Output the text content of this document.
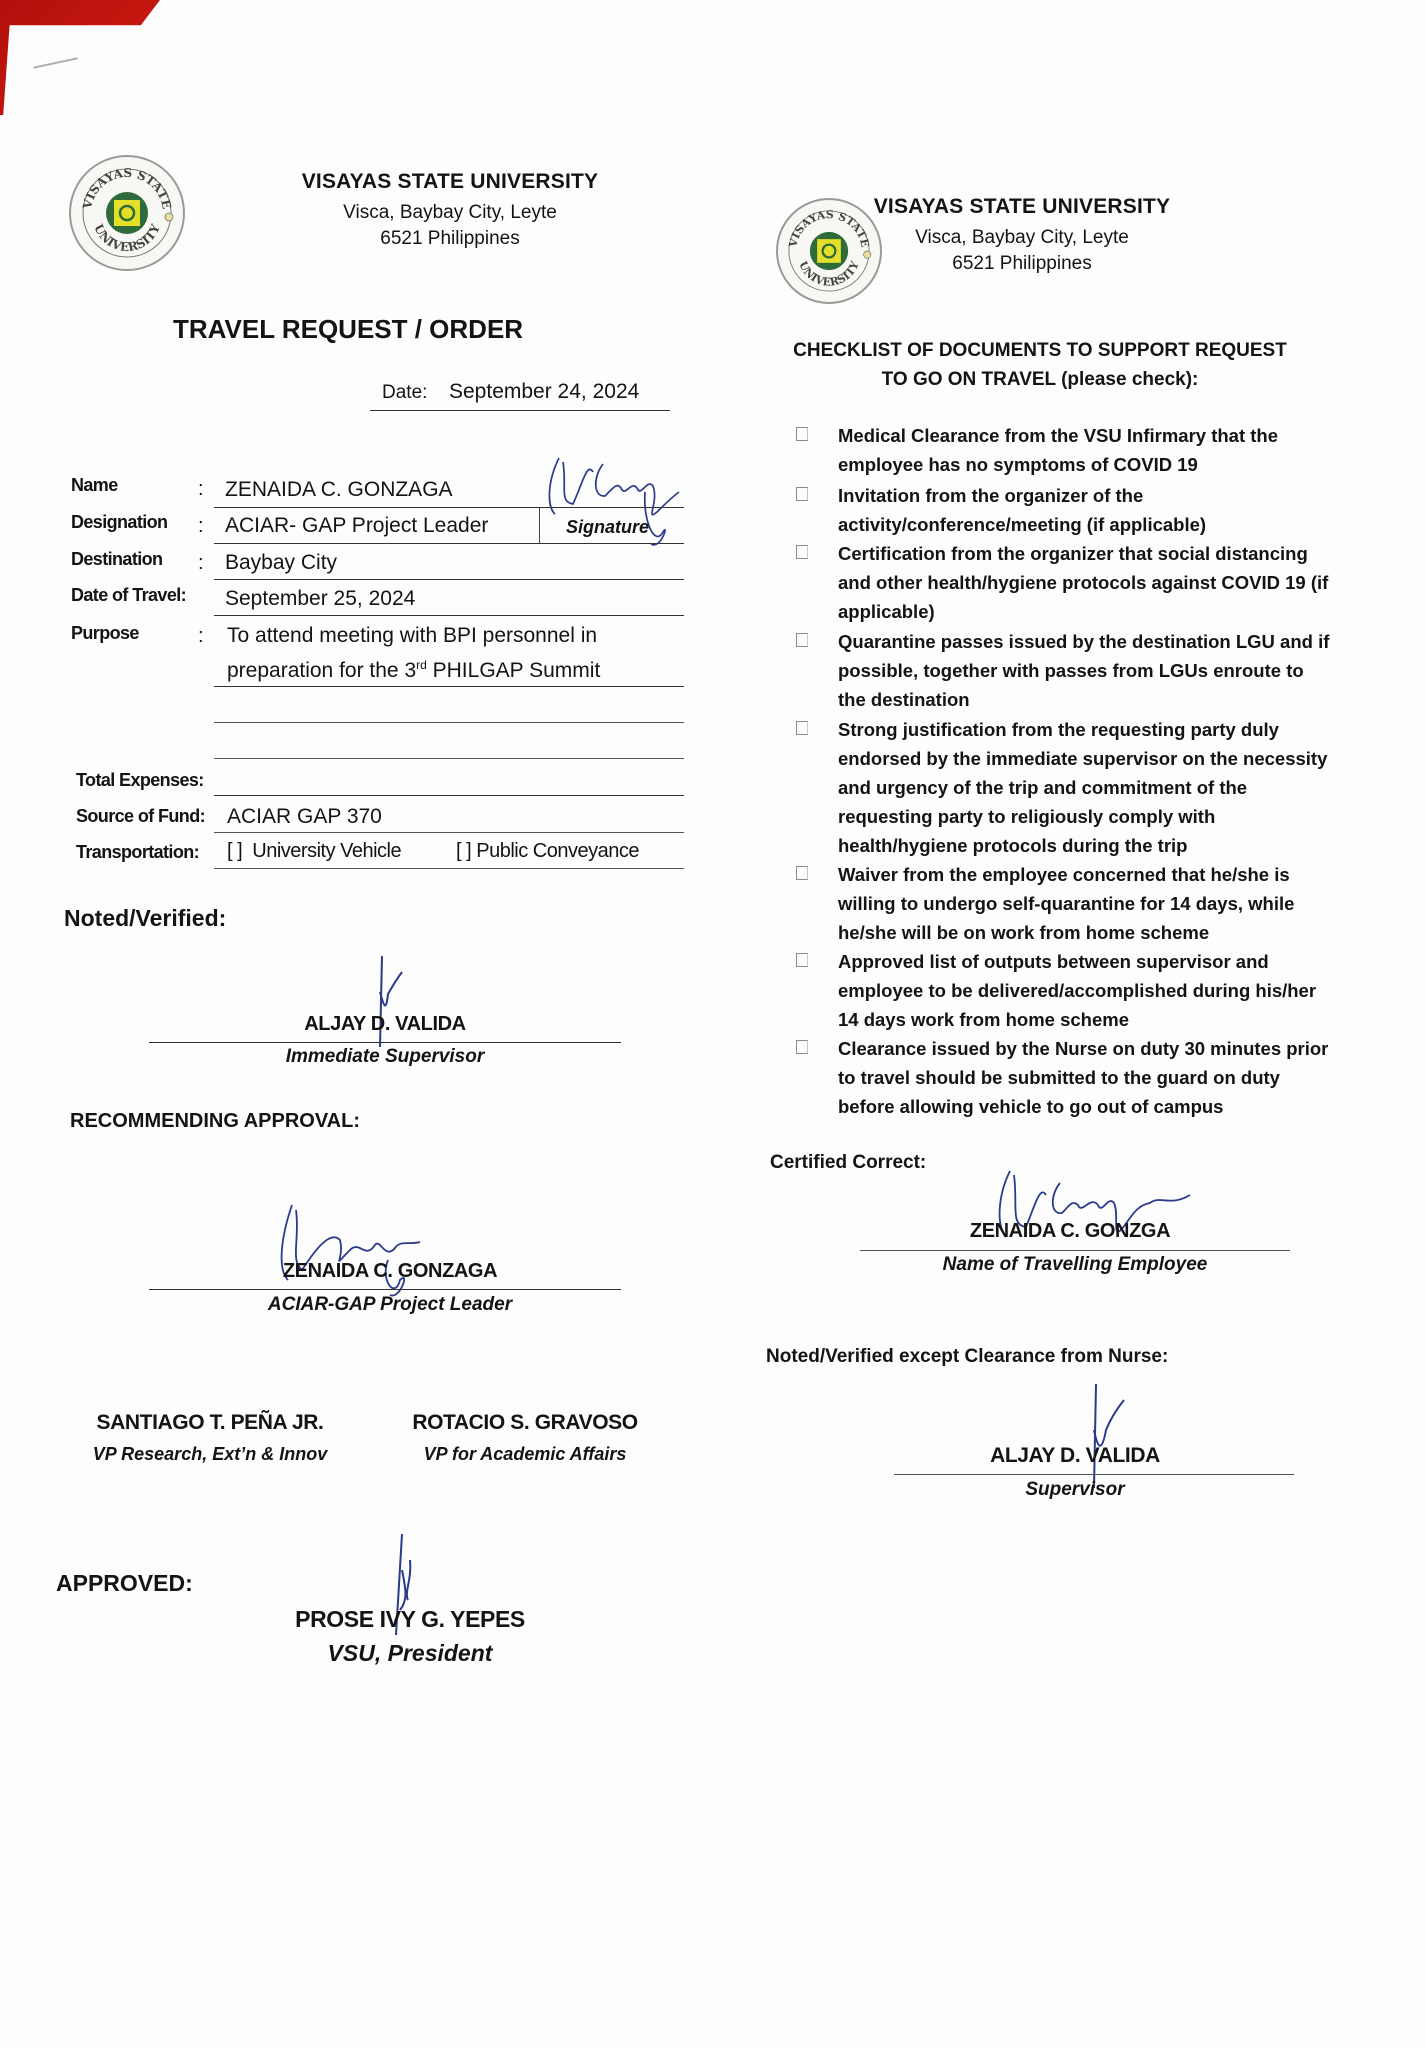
VISAYAS STATE
UNIVERSITY
VISAYAS STATE UNIVERSITY
Visca, Baybay City, Leyte
6521 Philippines
TRAVEL REQUEST / ORDER
Date: September 24, 2024
Name	: ZENAIDA C. GONZAGA
Designation : ACIAR- GAP Project Leader	Signature
Destination : Baybay City
Date of Travel: September 25, 2024
Purpose	: To attend meeting with BPI personnel in
preparation for the 3rd PHILGAP Summit
Total Expenses:
Source of Fund: ACIAR GAP 370
Transportation: [ ]  University Vehicle	[ ] Public Conveyance
Noted/Verified:
ALJAY D. VALIDA
Immediate Supervisor
RECOMMENDING APPROVAL:
ZENAIDA C. GONZAGA
ACIAR-GAP Project Leader
SANTIAGO T. PEÑA JR.
VP Research, Ext’n & Innov
ROTACIO S. GRAVOSO
VP for Academic Affairs
APPROVED:
PROSE IVY G. YEPES
VSU, President
VISAYAS STATE
UNIVERSITY
VISAYAS STATE UNIVERSITY
Visca, Baybay City, Leyte
6521 Philippines
CHECKLIST OF DOCUMENTS TO SUPPORT REQUEST
TO GO ON TRAVEL (please check):
Medical Clearance from the VSU Infirmary that the employee has no symptoms of COVID 19
Invitation from the organizer of the activity/conference/meeting (if applicable)
Certification from the organizer that social distancing and other health/hygiene protocols against COVID 19 (if applicable)
Quarantine passes issued by the destination LGU and if possible, together with passes from LGUs enroute to the destination
Strong justification from the requesting party duly endorsed by the immediate supervisor on the necessity and urgency of the trip and commitment of the requesting party to religiously comply with health/hygiene protocols during the trip
Waiver from the employee concerned that he/she is willing to undergo self-quarantine for 14 days, while he/she will be on work from home scheme
Approved list of outputs between supervisor and employee to be delivered/accomplished during his/her 14 days work from home scheme
Clearance issued by the Nurse on duty 30 minutes prior to travel should be submitted to the guard on duty before allowing vehicle to go out of campus
Certified Correct:
ZENAIDA C. GONZGA
Name of Travelling Employee
Noted/Verified except Clearance from Nurse:
ALJAY D. VALIDA
Supervisor
